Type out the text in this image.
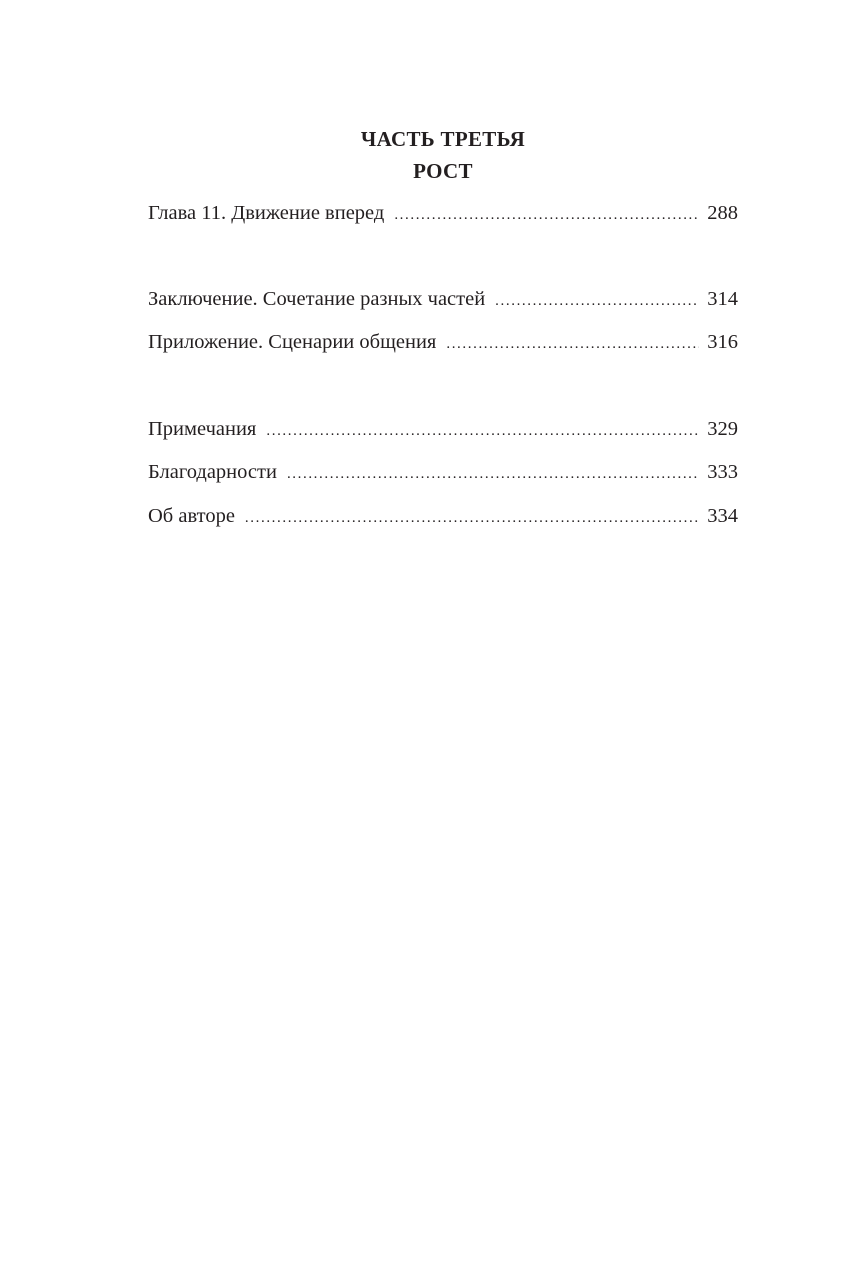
ЧАСТЬ ТРЕТЬЯ
РОСТ
Глава 11. Движение вперед .....	288
Заключение. Сочетание разных частей .....	314
Приложение. Сценарии общения .....	316
Примечания .....	329
Благодарности .....	333
Об авторе .....	334
